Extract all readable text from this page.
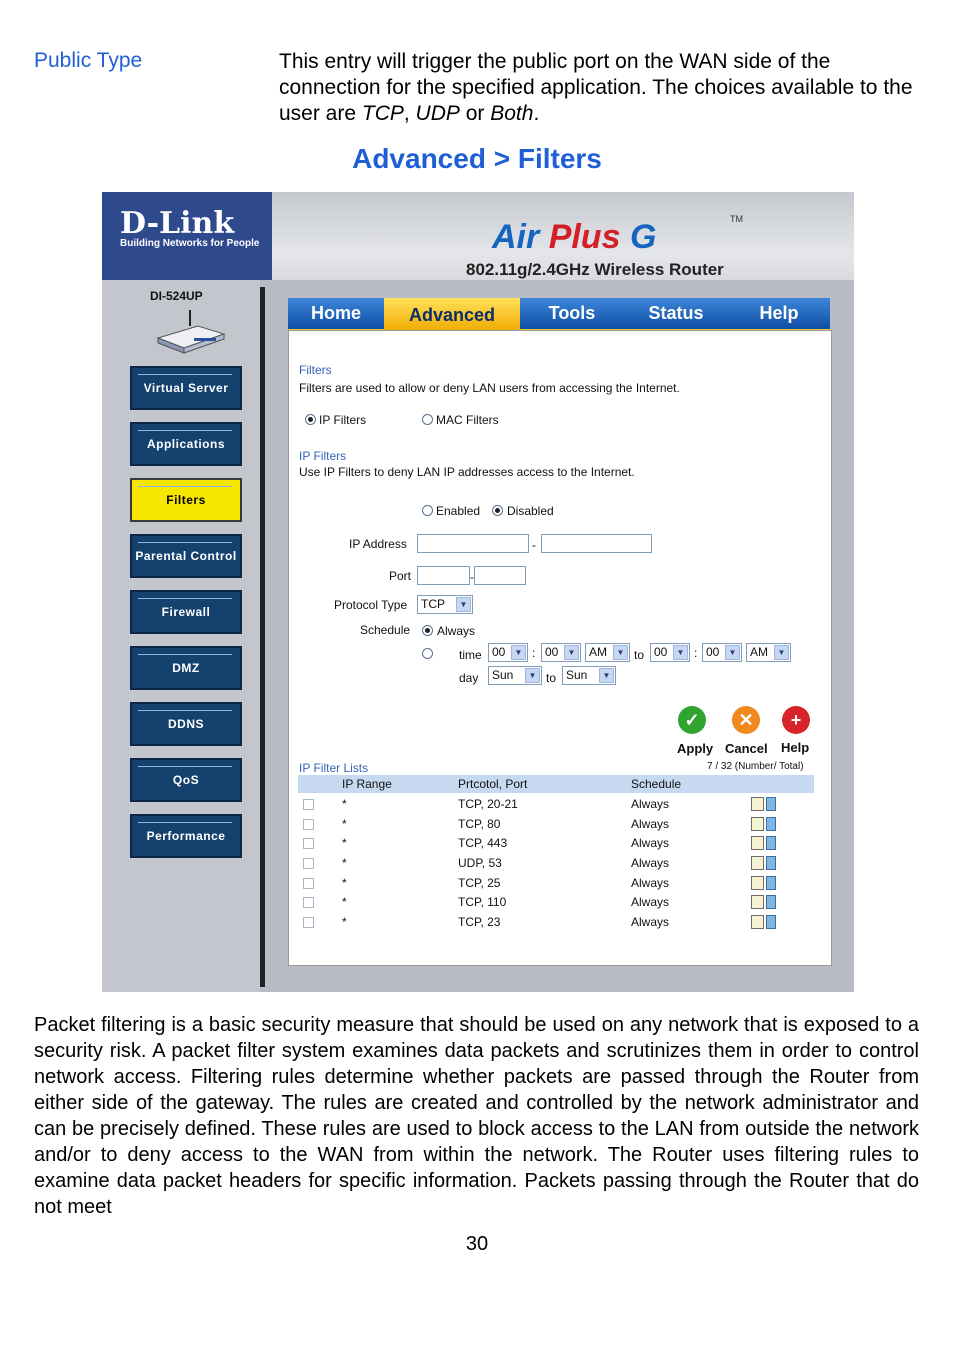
Public Type	This entry will trigger the public port on the WAN side of the connection for the specified application. The choices available to the user are TCP, UDP or Both.
Advanced > Filters
D-Link
Building Networks for People	Air Plus G	TM
802.11g/2.4GHz Wireless Router
DI-524UP
Virtual Server
Applications
Filters
Parental Control
Firewall
DMZ
DDNS
QoS
Performance
Home	Advanced	Tools	Status	Help
Filters
Filters are used to allow or deny LAN users from accessing the Internet.
IP Filters	MAC Filters
IP Filters
Use IP Filters to deny LAN IP addresses access to the Internet.
Enabled Disabled
IP Address	-
Port	-
Protocol Type	TCP	▼
Schedule Always
time 00	▼ : 00	▼	AM	▼ to 00	▼ : 00	▼	AM	▼
day	Sun	▼ to Sun	▼
✓
Apply
✕
Cancel
+
Help
IP Filter Lists	7 / 32 (Number/ Total)
IP Range	Prtcotol, Port	Schedule
*	TCP, 20-21	Always
*	TCP, 80	Always
*	TCP, 443	Always
*	UDP, 53	Always
*	TCP, 25	Always
*	TCP, 110	Always
*	TCP, 23	Always
Packet filtering is a basic security measure that should be used on any network that is exposed to a security risk. A packet filter system examines data packets and scrutinizes them in order to control network access. Filtering rules determine whether packets are passed through the Router from either side of the gateway. The rules are created and controlled by the network administrator and can be precisely defined. These rules are used to block access to the LAN from outside the network and/or to deny access to the WAN from within the network. The Router uses filtering rules to examine data packet headers for specific information. Packets passing through the Router that do not meet
30
